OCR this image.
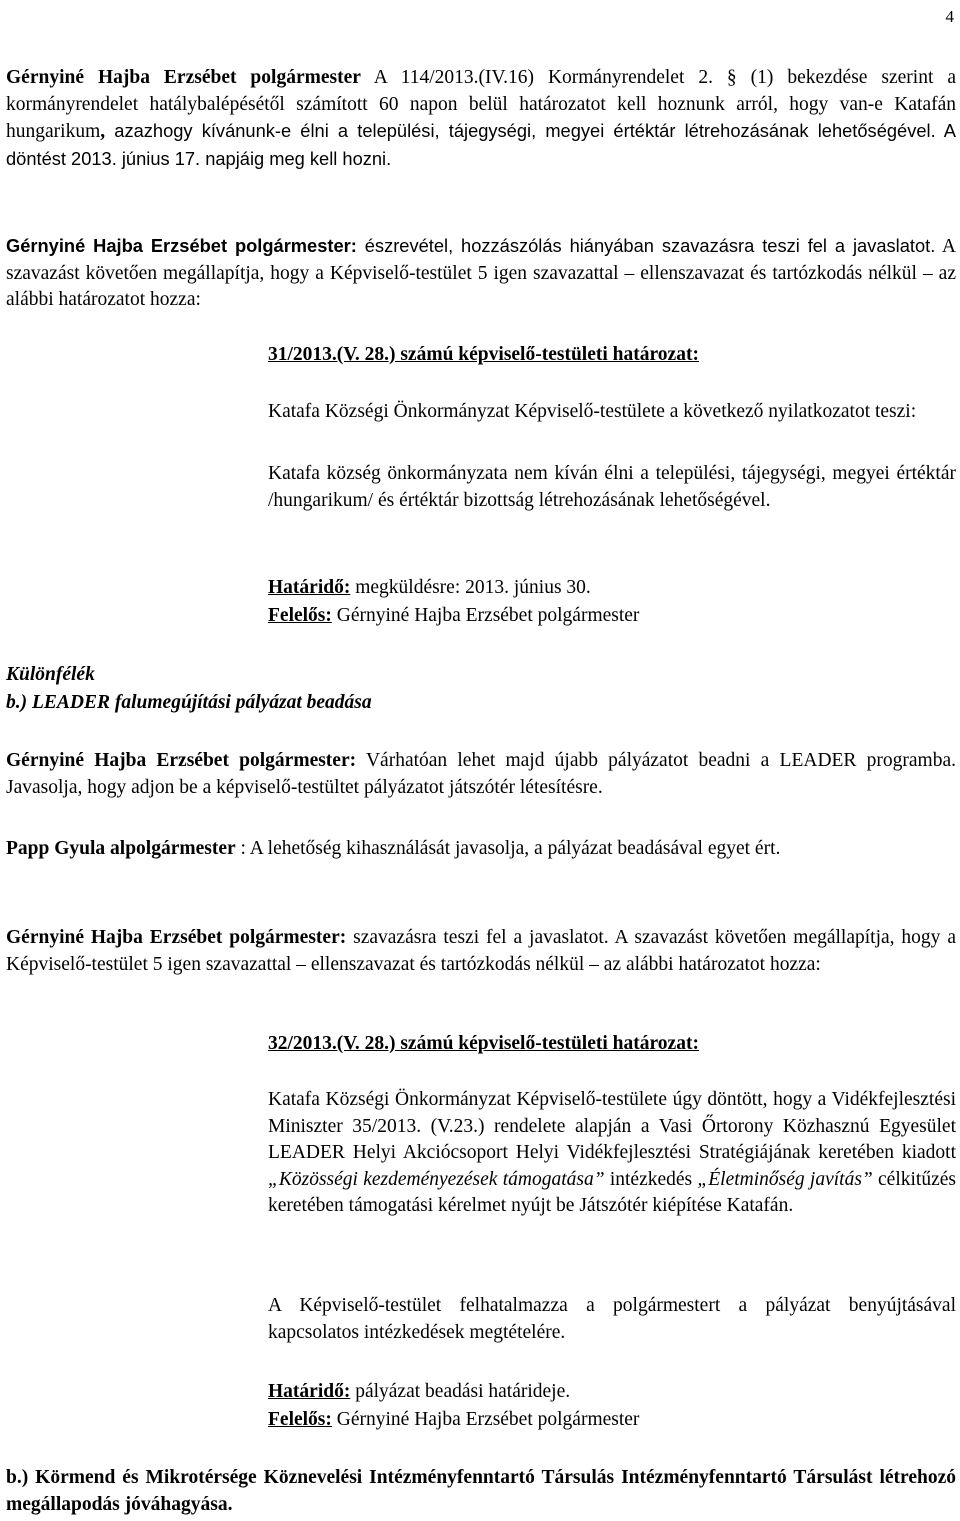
4

Gérnyiné Hajba Erzsébet polgármester A 114/2013.(IV.16) Kormányrendelet 2. § (1) bekezdése szerint a kormányrendelet hatálybalépésétől számított 60 napon belül határozatot kell hoznunk arról, hogy van-e Katafán hungarikum, azazhogy kívánunk-e élni a települési, tájegységi, megyei értéktár létrehozásának lehetőségével. A döntést 2013. június 17. napjáig meg kell hozni.

Gérnyiné Hajba Erzsébet polgármester: észrevétel, hozzászólás hiányában szavazásra teszi fel a javaslatot. A szavazást követően megállapítja, hogy a Képviselő-testület 5 igen szavazattal – ellenszavazat és tartózkodás nélkül – az alábbi határozatot hozza:

31/2013.(V. 28.) számú képviselő-testületi határozat:

Katafa Községi Önkormányzat Képviselő-testülete a következő nyilatkozatot teszi:

Katafa község önkormányzata nem kíván élni a települési, tájegységi, megyei értéktár /hungarikum/ és értéktár bizottság létrehozásának lehetőségével.

Határidő: megküldésre: 2013. június 30.

Felelős: Gérnyiné Hajba Erzsébet polgármester

Különfélék

b.) LEADER falumegújítási pályázat beadása

Gérnyiné Hajba Erzsébet polgármester: Várhatóan lehet majd újabb pályázatot beadni a LEADER programba. Javasolja, hogy adjon be a képviselő-testültet pályázatot játszótér létesítésre.

Papp Gyula alpolgármester : A lehetőség kihasználását javasolja, a pályázat beadásával egyet ért.

Gérnyiné Hajba Erzsébet polgármester: szavazásra teszi fel a javaslatot. A szavazást követően megállapítja, hogy a Képviselő-testület 5 igen szavazattal – ellenszavazat és tartózkodás nélkül – az alábbi határozatot hozza:

32/2013.(V. 28.) számú képviselő-testületi határozat:

Katafa Községi Önkormányzat Képviselő-testülete úgy döntött, hogy a Vidékfejlesztési Miniszter 35/2013. (V.23.) rendelete alapján a Vasi Őrtorony Közhasznú Egyesület LEADER Helyi Akciócsoport Helyi Vidékfejlesztési Stratégiájának keretében kiadott „Közösségi kezdeményezések támogatása” intézkedés „Életminőség javítás” célkitűzés keretében támogatási kérelmet nyújt be Játszótér kiépítése Katafán.

A Képviselő-testület felhatalmazza a polgármestert a pályázat benyújtásával kapcsolatos intézkedések megtételére.

Határidő: pályázat beadási határideje.

Felelős: Gérnyiné Hajba Erzsébet polgármester

b.) Körmend és Mikrotérsége Köznevelési Intézményfenntartó Társulás Intézményfenntartó Társulást létrehozó megállapodás jóváhagyása.
